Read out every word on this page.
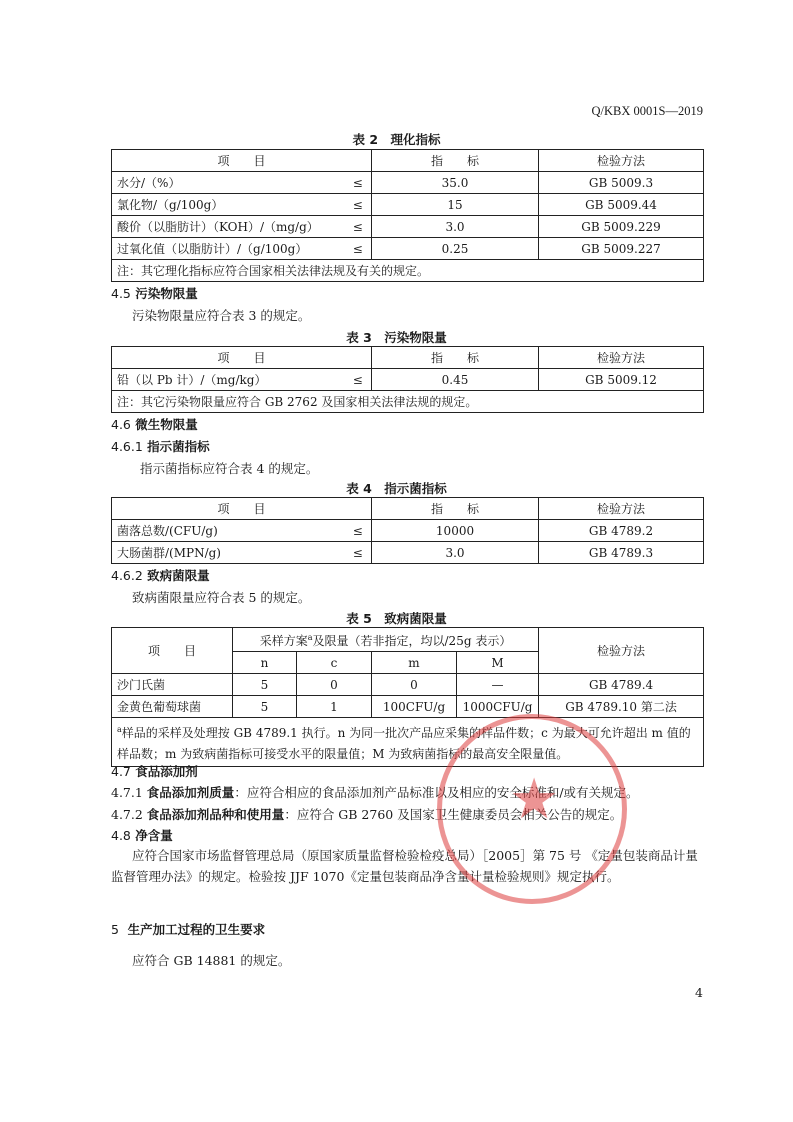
Q/KBX 0001S—2019
表 2　理化指标
项　　目		指　　标	检验方法
水分/（%）	≤	35.0	GB 5009.3
氯化物/（g/100g）	≤	15	GB 5009.44
酸价（以脂肪计）（KOH）/（mg/g）	≤	3.0	GB 5009.229
过氧化值（以脂肪计）/（g/100g）	≤	0.25	GB 5009.227
注：其它理化指标应符合国家相关法律法规及有关的规定。			
4.5 污染物限量
污染物限量应符合表 3 的规定。
表 3　污染物限量
项　　目		指　　标	检验方法
铅（以 Pb 计）/（mg/kg）	≤	0.45	GB 5009.12
注：其它污染物限量应符合 GB 2762 及国家相关法律法规的规定。			
4.6 微生物限量
4.6.1 指示菌指标
指示菌指标应符合表 4 的规定。
表 4　指示菌指标
项　　目		指　　标	检验方法
菌落总数/(CFU/g)	≤	10000	GB 4789.2
大肠菌群/(MPN/g)	≤	3.0	GB 4789.3
4.6.2 致病菌限量
致病菌限量应符合表 5 的规定。
表 5　致病菌限量
项　　目	采样方案$^a$及限量（若非指定，均以/25g 表示）				检验方法
	n	c	m	M	
沙门氏菌	5	0	0	—	GB 4789.4
金黄色葡萄球菌	5	1	100CFU/g	1000CFU/g	GB 4789.10 第二法
$^a$样品的采样及处理按 GB 4789.1 执行。n 为同一批次产品应采集的样品件数；c 为最大可允许超出 m 值的样品数；m 为致病菌指标可接受水平的限量值；M 为致病菌指标的最高安全限量值。					
4.7 食品添加剂
4.7.1 食品添加剂质量：应符合相应的食品添加剂产品标准以及相应的安全标准和/或有关规定。
4.7.2 食品添加剂品种和使用量：应符合 GB 2760 及国家卫生健康委员会相关公告的规定。
4.8 净含量
应符合国家市场监督管理总局（原国家质量监督检验检疫总局）［2005］第 75 号 《定量包装商品计量监督管理办法》的规定。检验按 JJF 1070《定量包装商品净含量计量检验规则》规定执行。
5 生产加工过程的卫生要求
应符合 GB 14881 的规定。
4
★
